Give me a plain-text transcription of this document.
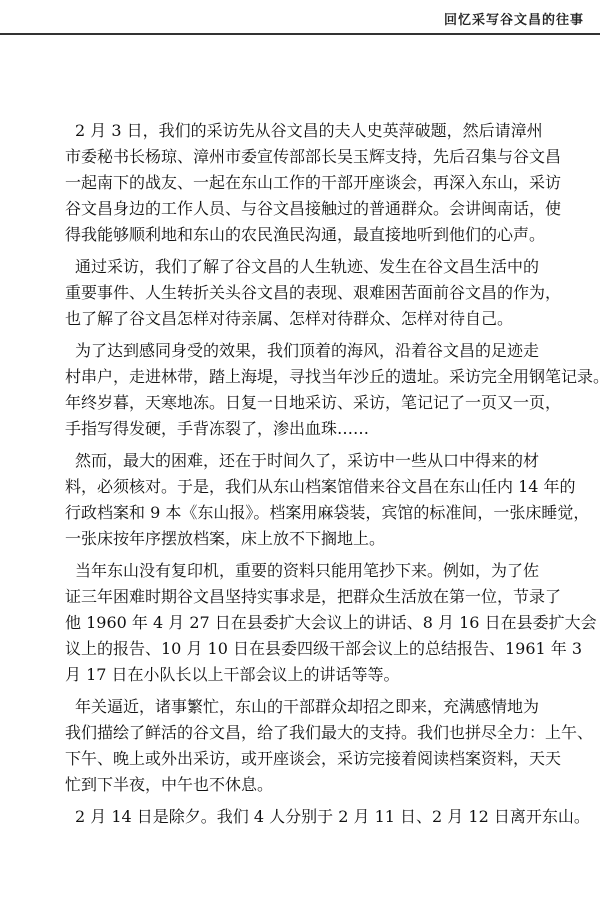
回忆采写谷文昌的往事

2 月 3 日，我们的采访先从谷文昌的夫人史英萍破题，然后请漳州
市委秘书长杨琼、漳州市委宣传部部长吴玉辉支持，先后召集与谷文昌
一起南下的战友、一起在东山工作的干部开座谈会，再深入东山，采访
谷文昌身边的工作人员、与谷文昌接触过的普通群众。会讲闽南话，使
得我能够顺利地和东山的农民渔民沟通，最直接地听到他们的心声。

通过采访，我们了解了谷文昌的人生轨迹、发生在谷文昌生活中的
重要事件、人生转折关头谷文昌的表现、艰难困苦面前谷文昌的作为，
也了解了谷文昌怎样对待亲属、怎样对待群众、怎样对待自己。

为了达到感同身受的效果，我们顶着的海风，沿着谷文昌的足迹走
村串户，走进林带，踏上海堤，寻找当年沙丘的遗址。采访完全用钢笔记录。
年终岁暮，天寒地冻。日复一日地采访、采访，笔记记了一页又一页，
手指写得发硬，手背冻裂了，渗出血珠……

然而，最大的困难，还在于时间久了，采访中一些从口中得来的材
料，必须核对。于是，我们从东山档案馆借来谷文昌在东山任内 14 年的
行政档案和 9 本《东山报》。档案用麻袋装，宾馆的标准间，一张床睡觉，
一张床按年序摆放档案，床上放不下搁地上。

当年东山没有复印机，重要的资料只能用笔抄下来。例如，为了佐
证三年困难时期谷文昌坚持实事求是，把群众生活放在第一位，节录了
他 1960 年 4 月 27 日在县委扩大会议上的讲话、8 月 16 日在县委扩大会
议上的报告、10 月 10 日在县委四级干部会议上的总结报告、1961 年 3
月 17 日在小队长以上干部会议上的讲话等等。

年关逼近，诸事繁忙，东山的干部群众却招之即来，充满感情地为
我们描绘了鲜活的谷文昌，给了我们最大的支持。我们也拼尽全力：上午、
下午、晚上或外出采访，或开座谈会，采访完接着阅读档案资料，天天
忙到下半夜，中午也不休息。

2 月 14 日是除夕。我们 4 人分别于 2 月 11 日、2 月 12 日离开东山。
